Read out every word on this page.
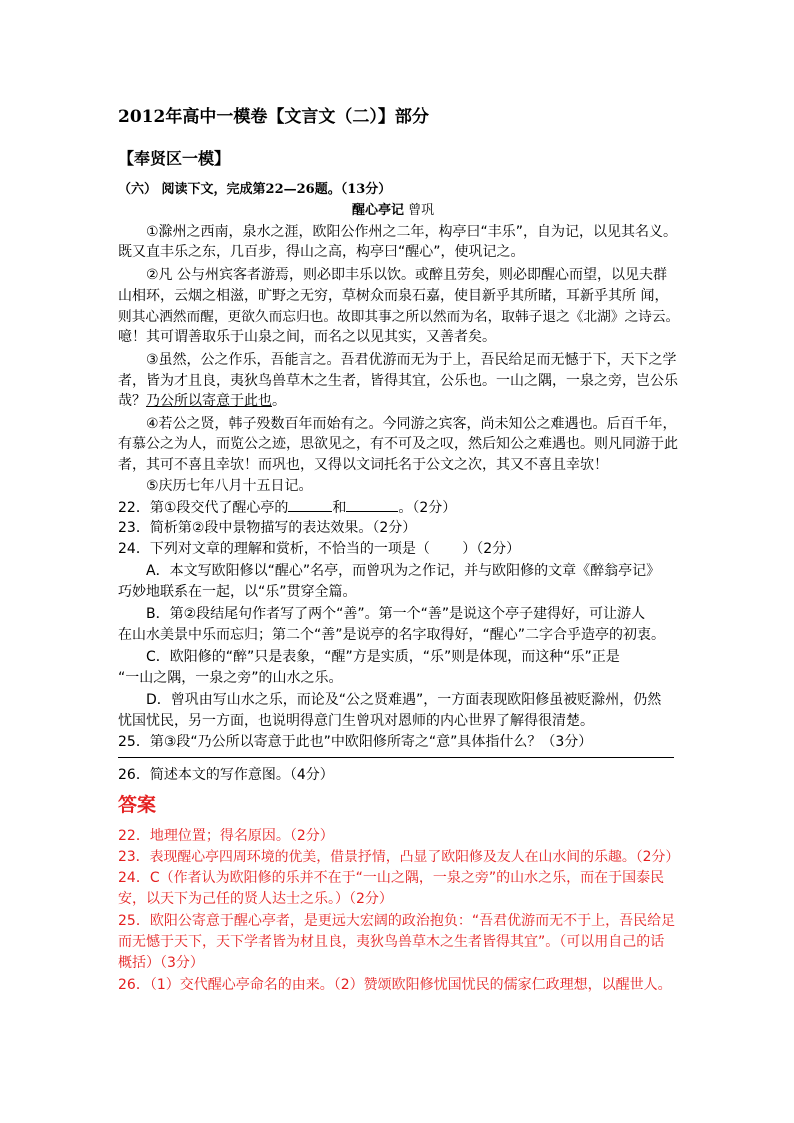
2012年高中一模卷【文言文（二）】部分
【奉贤区一模】
（六） 阅读下文，完成第22—26题。（13分）
醒心亭记 曾巩
①滁州之西南，泉水之涯，欧阳公作州之二年，构亭曰“丰乐”，自为记，以见其名义。
既又直丰乐之东，几百步，得山之高，构亭曰“醒心”，使巩记之。
②凡 公与州宾客者游焉，则必即丰乐以饮。或醉且劳矣，则必即醒心而望，以见夫群
山相环，云烟之相滋，旷野之无穷，草树众而泉石嘉，使目新乎其所睹，耳新乎其所 闻，
则其心洒然而醒，更欲久而忘归也。故即其事之所以然而为名，取韩子退之《北湖》之诗云。
噫！其可谓善取乐于山泉之间，而名之以见其实，又善者矣。
③虽然，公之作乐，吾能言之。吾君优游而无为于上，吾民给足而无憾于下，天下之学
者，皆为才且良，夷狄鸟兽草木之生者，皆得其宜，公乐也。一山之隅，一泉之旁，岂公乐
哉？乃公所以寄意于此也。
④若公之贤，韩子殁数百年而始有之。今同游之宾客，尚未知公之难遇也。后百千年，
有慕公之为人，而览公之迹，思欲见之，有不可及之叹，然后知公之难遇也。则凡同游于此
者，其可不喜且幸欤！而巩也，又得以文词托名于公文之次，其又不喜且幸欤！
⑤庆历七年八月十五日记。
22．第①段交代了醒心亭的	和	。（2分）
23．简析第②段中景物描写的表达效果。（2分）
24．下列对文章的理解和赏析，不恰当的一项是（　　 ）（2分）
A．本文写欧阳修以“醒心”名亭，而曾巩为之作记，并与欧阳修的文章《醉翁亭记》
巧妙地联系在一起，以“乐”贯穿全篇。
B．第②段结尾句作者写了两个“善”。第一个“善”是说这个亭子建得好，可让游人
在山水美景中乐而忘归；第二个“善”是说亭的名字取得好，“醒心”二字合乎造亭的初衷。
C．欧阳修的“醉”只是表象，“醒”方是实质，“乐”则是体现，而这种“乐”正是
“一山之隅，一泉之旁”的山水之乐。
D．曾巩由写山水之乐，而论及“公之贤难遇”，一方面表现欧阳修虽被贬滁州，仍然
忧国忧民，另一方面，也说明得意门生曾巩对恩师的内心世界了解得很清楚。
25．第③段“乃公所以寄意于此也”中欧阳修所寄之“意”具体指什么？（3分）
26．简述本文的写作意图。（4分）
答案
22．地理位置；得名原因。（2分）
23．表现醒心亭四周环境的优美，借景抒情，凸显了欧阳修及友人在山水间的乐趣。（2分）
24．C（作者认为欧阳修的乐并不在于“一山之隅，一泉之旁”的山水之乐，而在于国泰民
安，以天下为己任的贤人达士之乐。）（2分）
25．欧阳公寄意于醒心亭者，是更远大宏阔的政治抱负：“吾君优游而无不于上，吾民给足
而无憾于天下，天下学者皆为材且良，夷狄鸟兽草木之生者皆得其宜”。（可以用自己的话
概括）（3分）
26．（1）交代醒心亭命名的由来。（2）赞颂欧阳修忧国忧民的儒家仁政理想，以醒世人。
